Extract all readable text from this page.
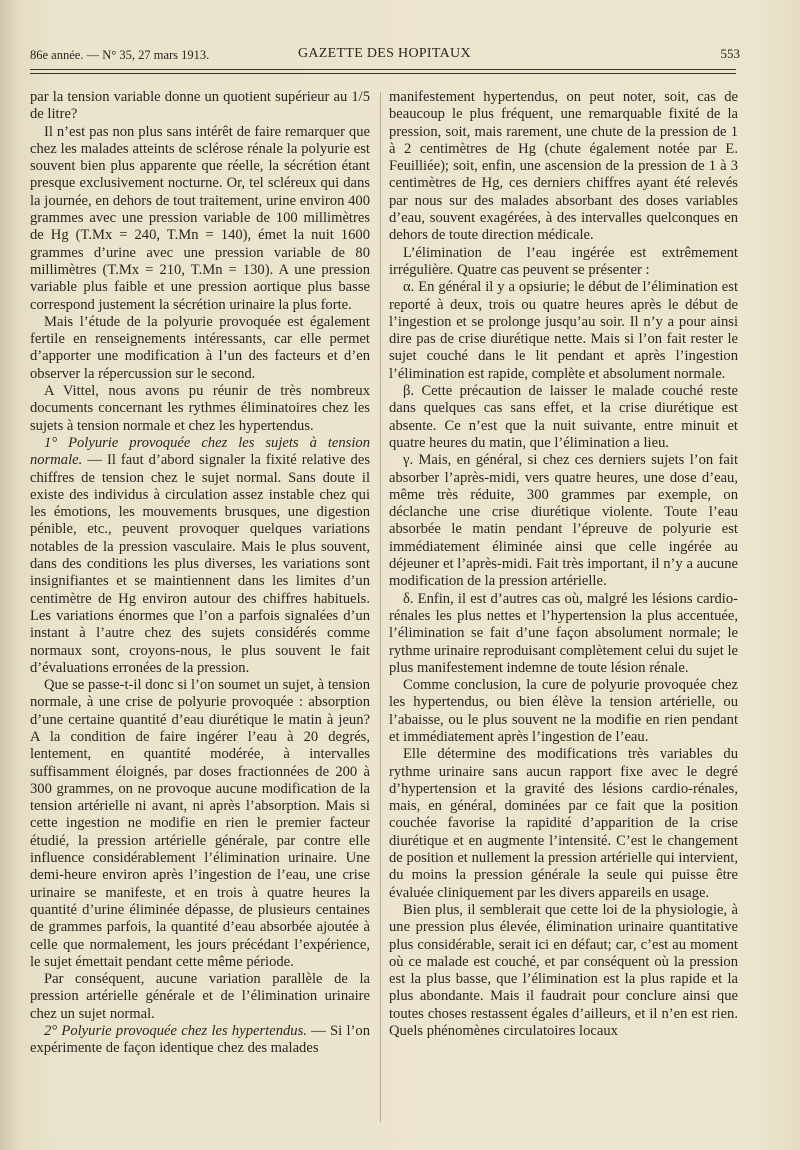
86e année. — N° 35, 27 mars 1913.	GAZETTE DES HOPITAUX	553

par la tension variable donne un quotient supérieur au 1/5 de litre?

Il n’est pas non plus sans intérêt de faire remarquer que chez les malades atteints de sclérose rénale la polyurie est souvent bien plus apparente que réelle, la sécrétion étant presque exclusivement nocturne. Or, tel scléreux qui dans la journée, en dehors de tout traitement, urine environ 400 grammes avec une pression variable de 100 millimètres de Hg (T.Mx = 240, T.Mn = 140), émet la nuit 1600 grammes d’urine avec une pression variable de 80 millimètres (T.Mx = 210, T.Mn = 130). A une pression variable plus faible et une pression aortique plus basse correspond justement la sécrétion urinaire la plus forte.

Mais l’étude de la polyurie provoquée est également fertile en renseignements intéressants, car elle permet d’apporter une modification à l’un des facteurs et d’en observer la répercussion sur le second.

A Vittel, nous avons pu réunir de très nombreux documents concernant les rythmes éliminatoires chez les sujets à tension normale et chez les hypertendus.

1° Polyurie provoquée chez les sujets à tension normale. — Il faut d’abord signaler la fixité relative des chiffres de tension chez le sujet normal. Sans doute il existe des individus à circulation assez instable chez qui les émotions, les mouvements brusques, une digestion pénible, etc., peuvent provoquer quelques variations notables de la pression vasculaire. Mais le plus souvent, dans des conditions les plus diverses, les variations sont insignifiantes et se maintiennent dans les limites d’un centimètre de Hg environ autour des chiffres habituels. Les variations énormes que l’on a parfois signalées d’un instant à l’autre chez des sujets considérés comme normaux sont, croyons-nous, le plus souvent le fait d’évaluations erronées de la pression.

Que se passe-t-il donc si l’on soumet un sujet, à tension normale, à une crise de polyurie provoquée : absorption d’une certaine quantité d’eau diurétique le matin à jeun? A la condition de faire ingérer l’eau à 20 degrés, lentement, en quantité modérée, à intervalles suffisamment éloignés, par doses fractionnées de 200 à 300 grammes, on ne provoque aucune modification de la tension artérielle ni avant, ni après l’absorption. Mais si cette ingestion ne modifie en rien le premier facteur étudié, la pression artérielle générale, par contre elle influence considérablement l’élimination urinaire. Une demi-heure environ après l’ingestion de l’eau, une crise urinaire se manifeste, et en trois à quatre heures la quantité d’urine éliminée dépasse, de plusieurs centaines de grammes parfois, la quantité d’eau absorbée ajoutée à celle que normalement, les jours précédant l’expérience, le sujet émettait pendant cette même période.

Par conséquent, aucune variation parallèle de la pression artérielle générale et de l’élimination urinaire chez un sujet normal.

2° Polyurie provoquée chez les hypertendus. — Si l’on expérimente de façon identique chez des malades

manifestement hypertendus, on peut noter, soit, cas de beaucoup le plus fréquent, une remarquable fixité de la pression, soit, mais rarement, une chute de la pression de 1 à 2 centimètres de Hg (chute également notée par E. Feuilliée); soit, enfin, une ascension de la pression de 1 à 3 centimètres de Hg, ces derniers chiffres ayant été relevés par nous sur des malades absorbant des doses variables d’eau, souvent exagérées, à des intervalles quelconques en dehors de toute direction médicale.

L’élimination de l’eau ingérée est extrêmement irrégulière. Quatre cas peuvent se présenter :

α. En général il y a opsiurie; le début de l’élimination est reporté à deux, trois ou quatre heures après le début de l’ingestion et se prolonge jusqu’au soir. Il n’y a pour ainsi dire pas de crise diurétique nette. Mais si l’on fait rester le sujet couché dans le lit pendant et après l’ingestion l’élimination est rapide, complète et absolument normale.

β. Cette précaution de laisser le malade couché reste dans quelques cas sans effet, et la crise diurétique est absente. Ce n’est que la nuit suivante, entre minuit et quatre heures du matin, que l’élimination a lieu.

γ. Mais, en général, si chez ces derniers sujets l’on fait absorber l’après-midi, vers quatre heures, une dose d’eau, même très réduite, 300 grammes par exemple, on déclanche une crise diurétique violente. Toute l’eau absorbée le matin pendant l’épreuve de polyurie est immédiatement éliminée ainsi que celle ingérée au déjeuner et l’après-midi. Fait très important, il n’y a aucune modification de la pression artérielle.

δ. Enfin, il est d’autres cas où, malgré les lésions cardio-rénales les plus nettes et l’hypertension la plus accentuée, l’élimination se fait d’une façon absolument normale; le rythme urinaire reproduisant complètement celui du sujet le plus manifestement indemne de toute lésion rénale.

Comme conclusion, la cure de polyurie provoquée chez les hypertendus, ou bien élève la tension artérielle, ou l’abaisse, ou le plus souvent ne la modifie en rien pendant et immédiatement après l’ingestion de l’eau.

Elle détermine des modifications très variables du rythme urinaire sans aucun rapport fixe avec le degré d’hypertension et la gravité des lésions cardio-rénales, mais, en général, dominées par ce fait que la position couchée favorise la rapidité d’apparition de la crise diurétique et en augmente l’intensité. C’est le changement de position et nullement la pression artérielle qui intervient, du moins la pression générale la seule qui puisse être évaluée cliniquement par les divers appareils en usage.

Bien plus, il semblerait que cette loi de la physiologie, à une pression plus élevée, élimination urinaire quantitative plus considérable, serait ici en défaut; car, c’est au moment où ce malade est couché, et par conséquent où la pression est la plus basse, que l’élimination est la plus rapide et la plus abondante. Mais il faudrait pour conclure ainsi que toutes choses restassent égales d’ailleurs, et il n’en est rien. Quels phénomènes circulatoires locaux
